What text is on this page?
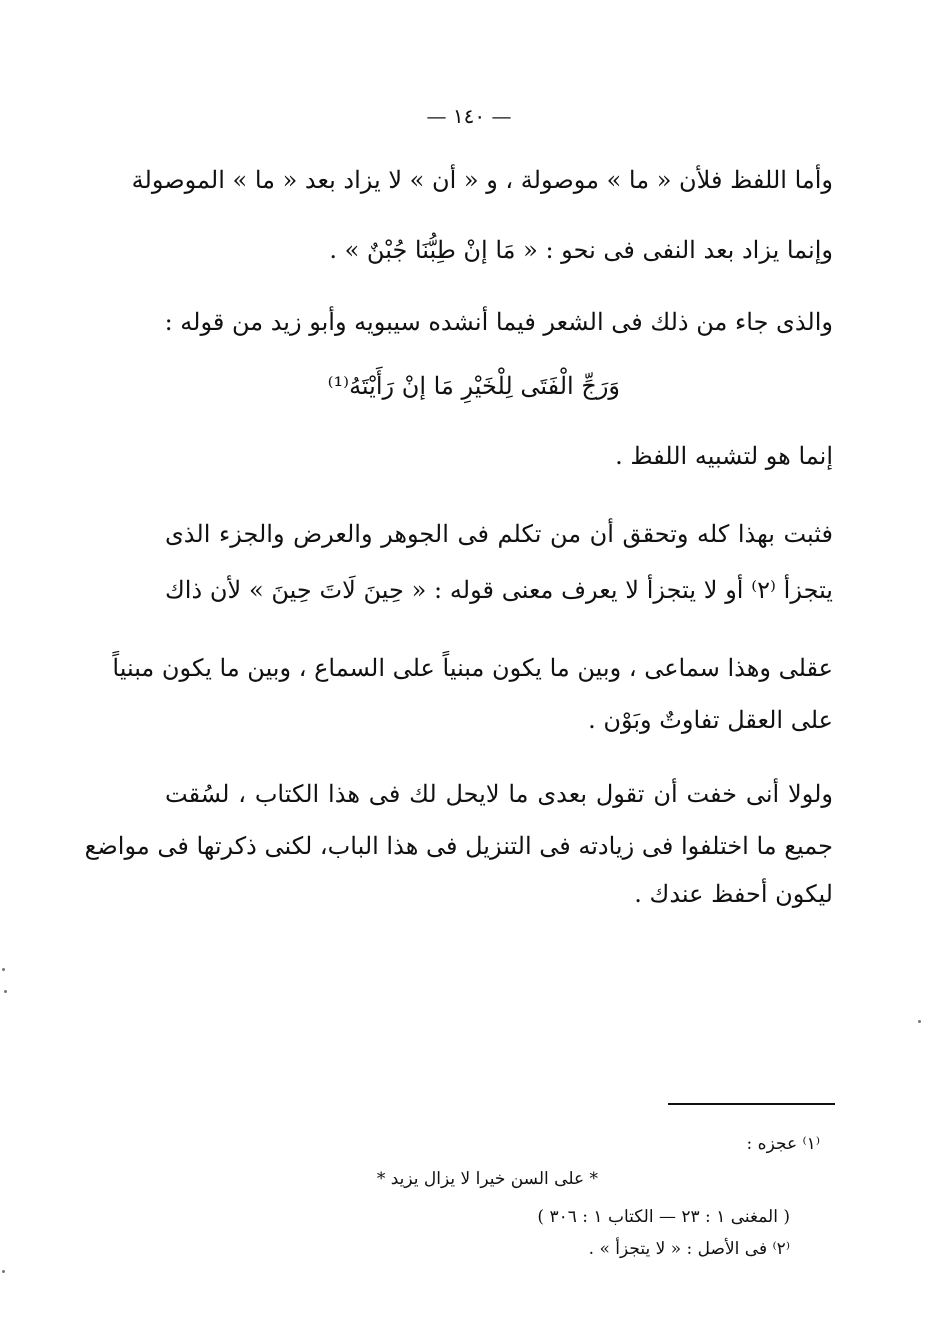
— ١٤٠ —
وأما اللفظ فلأن « ما » موصولة ، و « أن » لا يزاد بعد « ما » الموصولة
وإنما يزاد بعد النفى فى نحو : « مَا إنْ طِبُّنَا جُبْنٌ » .
والذى جاء من ذلك فى الشعر فيما أنشده سيبويه وأبو زيد من قوله :
وَرَجِّ الْفَتَى لِلْخَيْرِ مَا إنْ رَأَيْتَهُ⁽¹⁾
إنما هو لتشبيه اللفظ .
فثبت بهذا كله وتحقق أن من تكلم فى الجوهر والعرض والجزء الذى
يتجزأ ⁽٢⁾ أو لا يتجزأ لا يعرف معنى قوله : « حِينَ لَاتَ حِينَ » لأن ذاك
عقلى وهذا سماعى ، وبين ما يكون مبنياً على السماع ، وبين ما يكون مبنياً
على العقل تفاوتٌ وبَوْن .
ولولا أنى خفت أن تقول بعدى ما لايحل لك فى هذا الكتاب ، لسُقت
جميع ما اختلفوا فى زيادته فى التنزيل فى هذا الباب، لكنى ذكرتها فى مواضع
ليكون أحفظ عندك .
⁽١⁾ عجزه :
* على السن خيرا لا يزال يزيد *
( المغنى ١ : ٢٣ — الكتاب ١ : ٣٠٦ )
⁽٢⁾ فى الأصل : « لا يتجزأ » .
